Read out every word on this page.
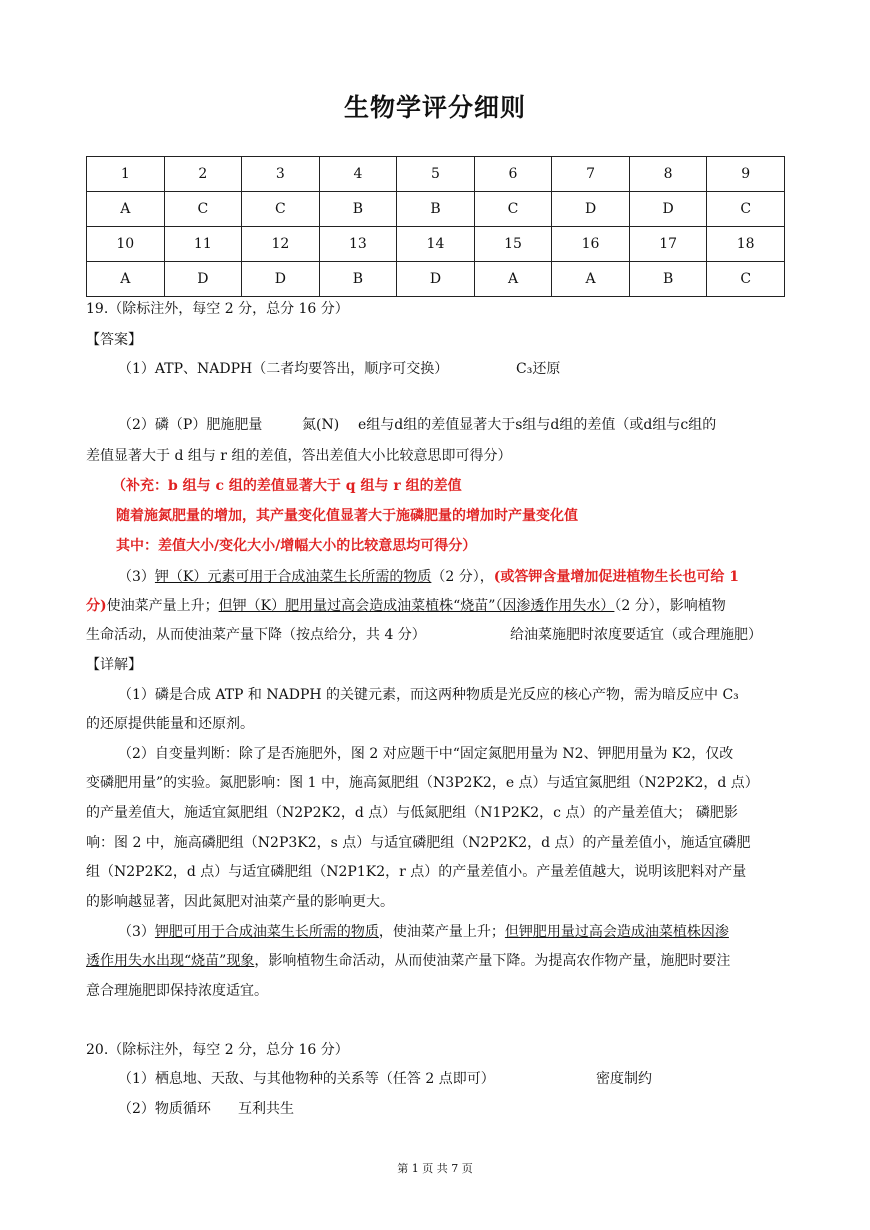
生物学评分细则
1	2	3	4	5	6	7	8	9
A	C	C	B	B	C	D	D	C
10	11	12	13	14	15	16	17	18
A	D	D	B	D	A	A	B	C
19.（除标注外，每空 2 分，总分 16 分）
【答案】
（1）ATP、NADPH（二者均要答出，顺序可交换）	C₃还原
（2）磷（P）肥施肥量	氮(N) e组与d组的差值显著大于s组与d组的差值（或d组与c组的
差值显著大于 d 组与 r 组的差值，答出差值大小比较意思即可得分）
（补充：b 组与 c 组的差值显著大于 q 组与 r 组的差值
随着施氮肥量的增加，其产量变化值显著大于施磷肥量的增加时产量变化值
其中：差值大小/变化大小/增幅大小的比较意思均可得分）
（3）钾（K）元素可用于合成油菜生长所需的物质（2 分），(或答钾含量增加促进植物生长也可给 1
分)使油菜产量上升；但钾（K）肥用量过高会造成油菜植株“烧苗”（因渗透作用失水）（2 分），影响植物
生命活动，从而使油菜产量下降（按点给分，共 4 分）	给油菜施肥时浓度要适宜（或合理施肥）
【详解】
（1）磷是合成 ATP 和 NADPH 的关键元素，而这两种物质是光反应的核心产物，需为暗反应中 C₃
的还原提供能量和还原剂。
（2）自变量判断：除了是否施肥外，图 2 对应题干中“固定氮肥用量为 N2、钾肥用量为 K2，仅改
变磷肥用量”的实验。氮肥影响：图 1 中，施高氮肥组（N3P2K2，e 点）与适宜氮肥组（N2P2K2，d 点）
的产量差值大，施适宜氮肥组（N2P2K2，d 点）与低氮肥组（N1P2K2，c 点）的产量差值大； 磷肥影
响：图 2 中，施高磷肥组（N2P3K2，s 点）与适宜磷肥组（N2P2K2，d 点）的产量差值小，施适宜磷肥
组（N2P2K2，d 点）与适宜磷肥组（N2P1K2，r 点）的产量差值小。产量差值越大，说明该肥料对产量
的影响越显著，因此氮肥对油菜产量的影响更大。
（3）钾肥可用于合成油菜生长所需的物质，使油菜产量上升；但钾肥用量过高会造成油菜植株因渗
透作用失水出现“烧苗”现象，影响植物生命活动，从而使油菜产量下降。为提高农作物产量，施肥时要注
意合理施肥即保持浓度适宜。
20.（除标注外，每空 2 分，总分 16 分）
（1）栖息地、天敌、与其他物种的关系等（任答 2 点即可）	密度制约
（2）物质循环 互利共生
第 1 页 共 7 页
